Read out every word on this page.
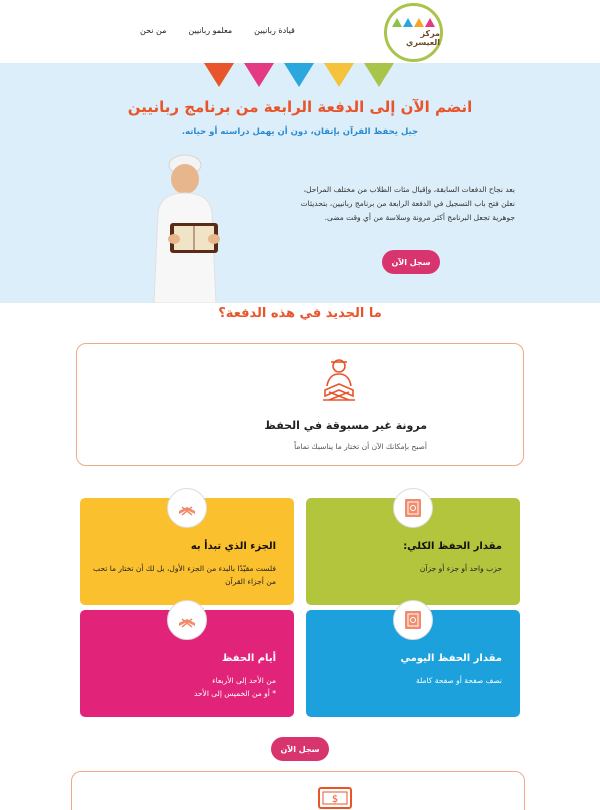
مركز العيسري
قيادة ربانيين
معلمو ربانيين
من نحن
انضم الآن إلى الدفعة الرابعة من برنامج ربانيين
جيل يحفظ القرآن بإتقان، دون أن يهمل دراسته أو حياته.
بعد نجاح الدفعات السابقة، وإقبال مئات الطلاب من مختلف المراحل، نعلن فتح باب التسجيل في الدفعة الرابعة من برنامج ربانيين، بتحديثات جوهرية تجعل البرنامج أكثر مرونة وسلاسة من أي وقت مضى.
سجل الآن
ما الجديد في هذه الدفعة؟
مرونة غير مسبوقة في الحفظ
أصبح بإمكانك الآن أن تختار ما يناسبك تماماً
مقدار الحفظ الكلي:
حزب واحد أو جزء أو جزآن
الجزء الذي تبدأ به
فلست مقيّدًا بالبدء من الجزء الأول، بل لك أن تختار ما تحب من أجزاء القرآن
مقدار الحفظ اليومي
نصف صفحة أو صفحة كاملة
أيام الحفظ
من الأحد إلى الأربعاء
* أو من الخميس إلى الأحد
سجل الآن
$
